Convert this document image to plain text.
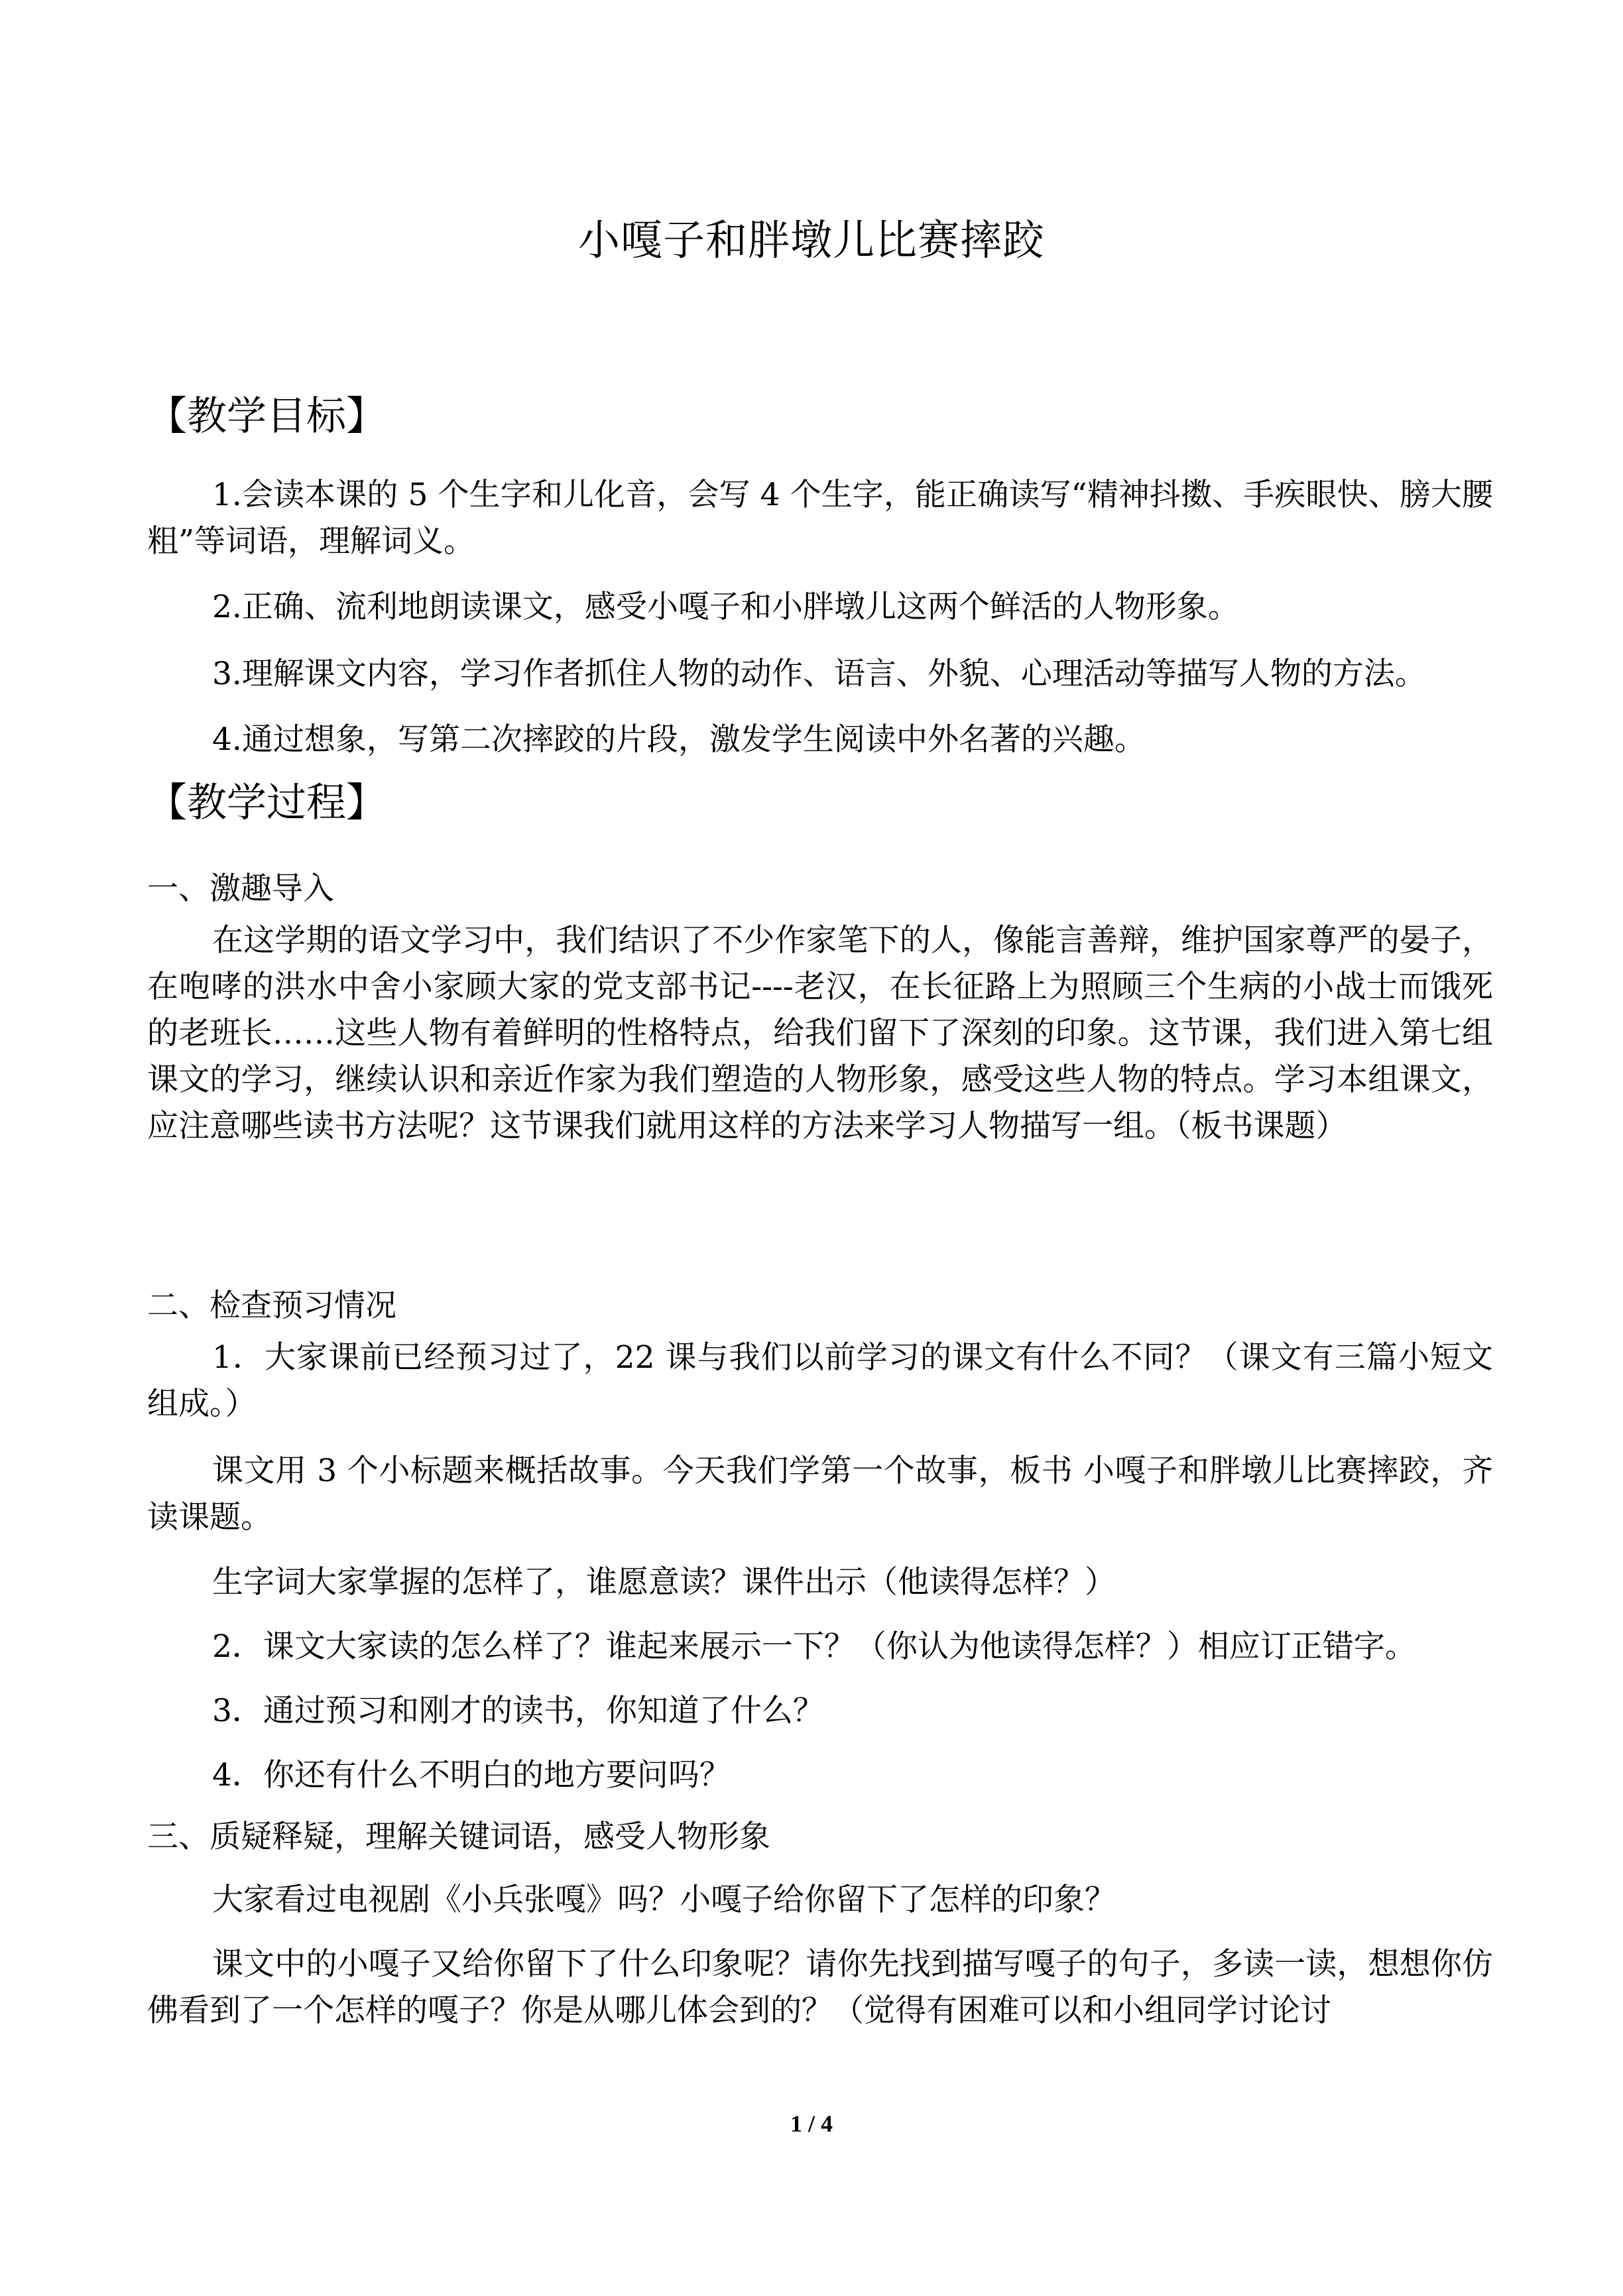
小嘎子和胖墩儿比赛摔跤
【教学目标】
1.会读本课的 5 个生字和儿化音，会写 4 个生字，能正确读写“精神抖擞、手疾眼快、膀大腰粗”等词语，理解词义。
2.正确、流利地朗读课文，感受小嘎子和小胖墩儿这两个鲜活的人物形象。
3.理解课文内容，学习作者抓住人物的动作、语言、外貌、心理活动等描写人物的方法。
4.通过想象，写第二次摔跤的片段，激发学生阅读中外名著的兴趣。
【教学过程】
一、激趣导入
在这学期的语文学习中，我们结识了不少作家笔下的人，像能言善辩，维护国家尊严的晏子，在咆哮的洪水中舍小家顾大家的党支部书记----老汉，在长征路上为照顾三个生病的小战士而饿死的老班长……这些人物有着鲜明的性格特点，给我们留下了深刻的印象。这节课，我们进入第七组课文的学习，继续认识和亲近作家为我们塑造的人物形象，感受这些人物的特点。学习本组课文，应注意哪些读书方法呢？这节课我们就用这样的方法来学习人物描写一组。（板书课题）
二、检查预习情况
1．大家课前已经预习过了，22 课与我们以前学习的课文有什么不同？（课文有三篇小短文组成。）
课文用 3 个小标题来概括故事。今天我们学第一个故事，板书 小嘎子和胖墩儿比赛摔跤，齐读课题。
生字词大家掌握的怎样了，谁愿意读？课件出示（他读得怎样？）
2．课文大家读的怎么样了？谁起来展示一下？（你认为他读得怎样？）相应订正错字。
3．通过预习和刚才的读书，你知道了什么？
4．你还有什么不明白的地方要问吗？
三、质疑释疑，理解关键词语，感受人物形象
大家看过电视剧《小兵张嘎》吗？小嘎子给你留下了怎样的印象？
课文中的小嘎子又给你留下了什么印象呢？请你先找到描写嘎子的句子，多读一读，想想你仿佛看到了一个怎样的嘎子？你是从哪儿体会到的？（觉得有困难可以和小组同学讨论讨
1 / 4
